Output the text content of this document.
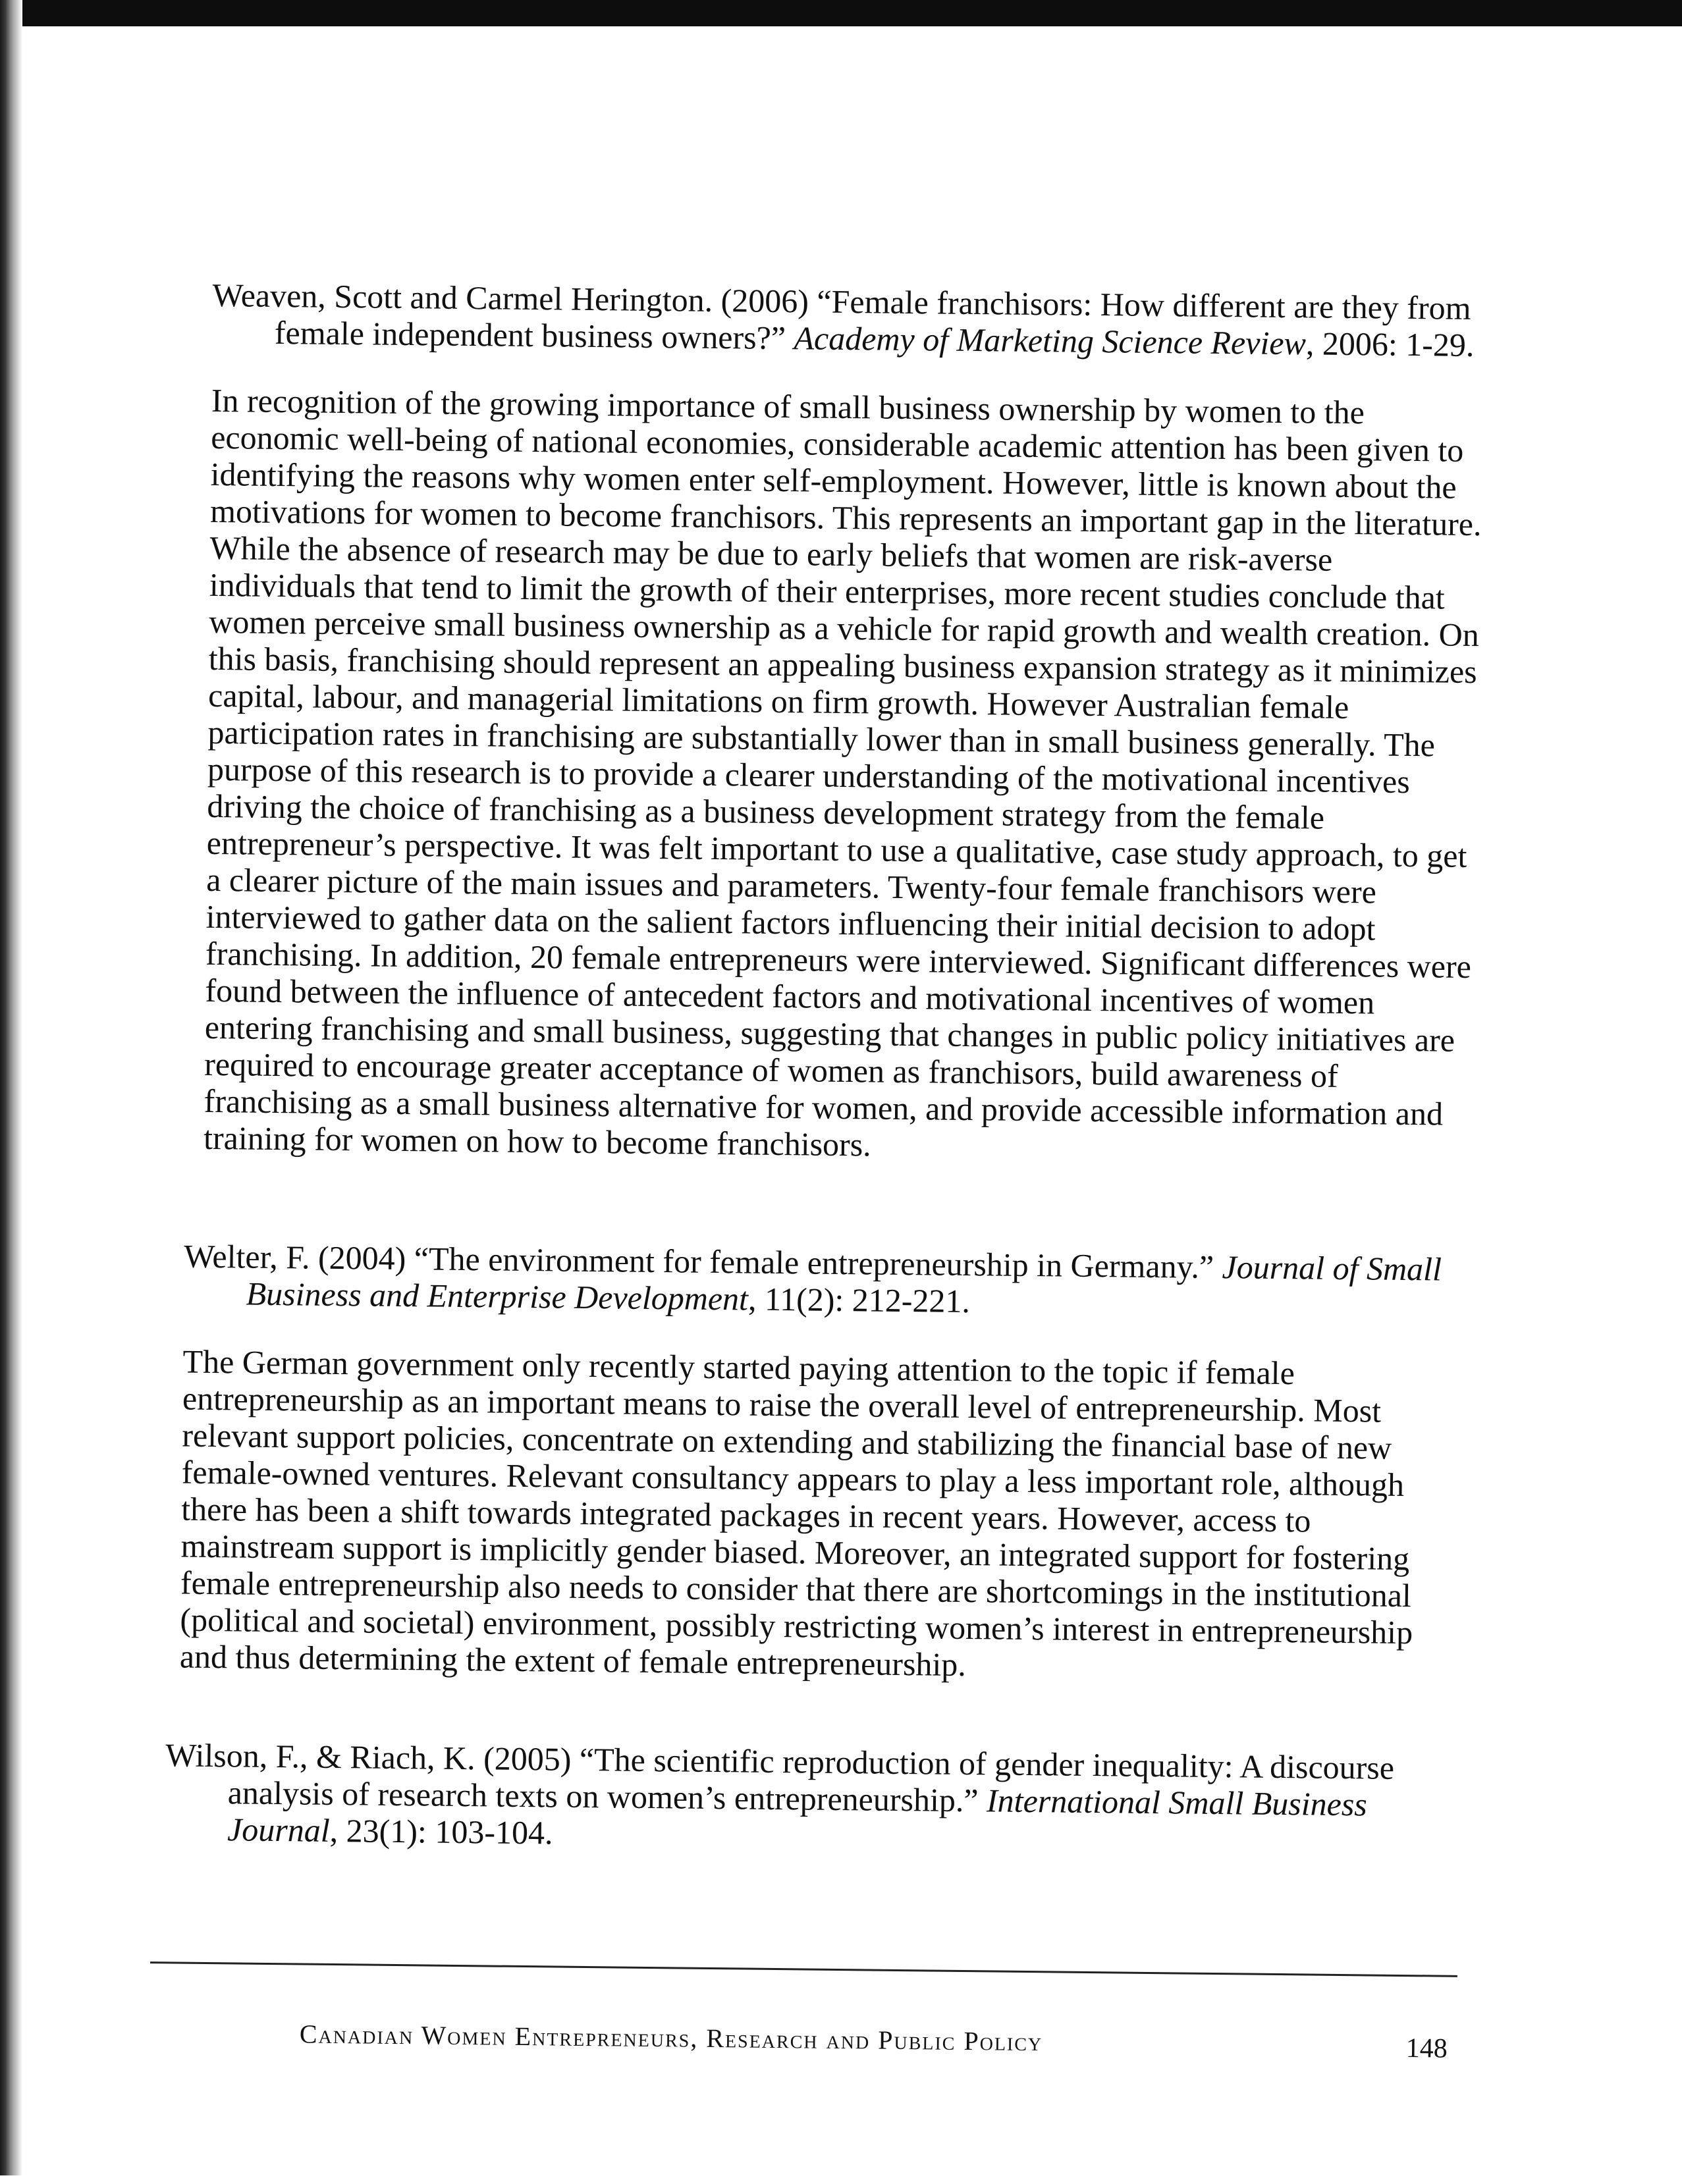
Weaven, Scott and Carmel Herington. (2006) “Female franchisors: How different are they from female independent business owners?” Academy of Marketing Science Review, 2006: 1-29.

In recognition of the growing importance of small business ownership by women to the economic well-being of national economies, considerable academic attention has been given to identifying the reasons why women enter self-employment. However, little is known about the motivations for women to become franchisors. This represents an important gap in the literature. While the absence of research may be due to early beliefs that women are risk-averse individuals that tend to limit the growth of their enterprises, more recent studies conclude that women perceive small business ownership as a vehicle for rapid growth and wealth creation. On this basis, franchising should represent an appealing business expansion strategy as it minimizes capital, labour, and managerial limitations on firm growth. However Australian female participation rates in franchising are substantially lower than in small business generally. The purpose of this research is to provide a clearer understanding of the motivational incentives driving the choice of franchising as a business development strategy from the female entrepreneur’s perspective. It was felt important to use a qualitative, case study approach, to get a clearer picture of the main issues and parameters. Twenty-four female franchisors were interviewed to gather data on the salient factors influencing their initial decision to adopt franchising. In addition, 20 female entrepreneurs were interviewed. Significant differences were found between the influence of antecedent factors and motivational incentives of women entering franchising and small business, suggesting that changes in public policy initiatives are required to encourage greater acceptance of women as franchisors, build awareness of franchising as a small business alternative for women, and provide accessible information and training for women on how to become franchisors.

Welter, F. (2004) “The environment for female entrepreneurship in Germany.” Journal of Small Business and Enterprise Development, 11(2): 212-221.

The German government only recently started paying attention to the topic if female entrepreneurship as an important means to raise the overall level of entrepreneurship. Most relevant support policies, concentrate on extending and stabilizing the financial base of new female-owned ventures. Relevant consultancy appears to play a less important role, although there has been a shift towards integrated packages in recent years. However, access to mainstream support is implicitly gender biased. Moreover, an integrated support for fostering female entrepreneurship also needs to consider that there are shortcomings in the institutional (political and societal) environment, possibly restricting women’s interest in entrepreneurship and thus determining the extent of female entrepreneurship.

Wilson, F., & Riach, K. (2005) “The scientific reproduction of gender inequality: A discourse analysis of research texts on women’s entrepreneurship.” International Small Business Journal, 23(1): 103-104.
Canadian Women Entrepreneurs, Research and Public Policy	148
